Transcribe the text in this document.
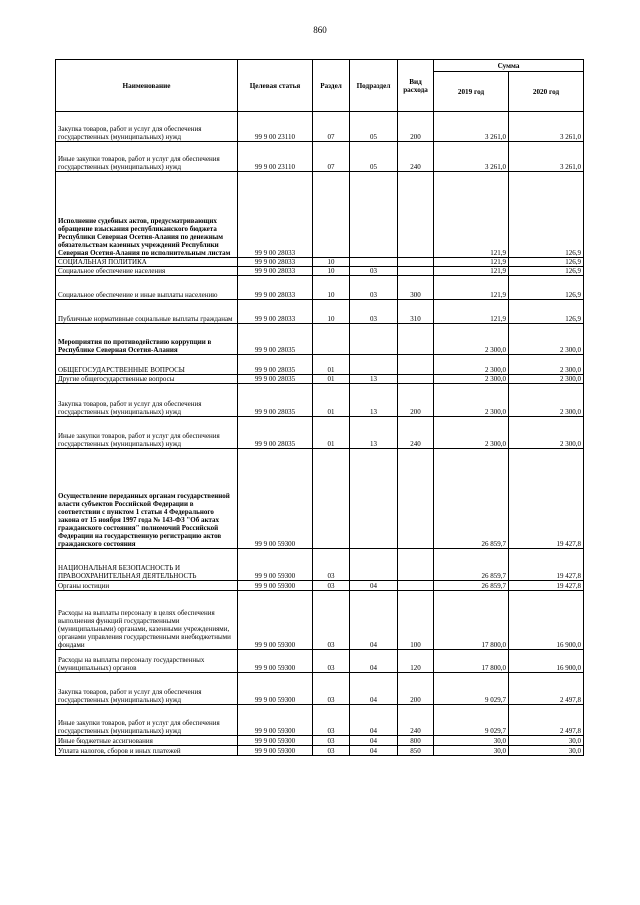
860
Наименование	Целевая статья	Раздел	Подраздел	Вид расхода	Сумма	
					2019 год	2020 год
Закупка товаров, работ и услуг для обеспечения государственных (муниципальных) нужд	99 9 00 23110	07	05	200	3 261,0	3 261,0
Иные закупки товаров, работ и услуг для обеспечения государственных (муниципальных) нужд	99 9 00 23110	07	05	240	3 261,0	3 261,0
Исполнение судебных актов, предусматривающих обращение взыскания республиканского бюджета Республики Северная Осетия-Алания по денежным обязательствам казенных учреждений Республики Северная Осетия-Алания по исполнительным листам	99 9 00 28033				121,9	126,9
СОЦИАЛЬНАЯ ПОЛИТИКА	99 9 00 28033	10			121,9	126,9
Социальное обеспечение населения	99 9 00 28033	10	03		121,9	126,9
Социальное обеспечение и иные выплаты населению	99 9 00 28033	10	03	300	121,9	126,9
Публичные нормативные социальные выплаты гражданам	99 9 00 28033	10	03	310	121,9	126,9
Мероприятия по противодействию коррупции в Республике Северная Осетия-Алания	99 9 00 28035				2 300,0	2 300,0
ОБЩЕГОСУДАРСТВЕННЫЕ ВОПРОСЫ	99 9 00 28035	01			2 300,0	2 300,0
Другие общегосударственные вопросы	99 9 00 28035	01	13		2 300,0	2 300,0
Закупка товаров, работ и услуг для обеспечения государственных (муниципальных) нужд	99 9 00 28035	01	13	200	2 300,0	2 300,0
Иные закупки товаров, работ и услуг для обеспечения государственных (муниципальных) нужд	99 9 00 28035	01	13	240	2 300,0	2 300,0
Осуществление переданных органам государственной власти субъектов Российской Федерации в соответствии с пунктом 1 статьи 4 Федерального закона от 15 ноября 1997 года № 143-ФЗ "Об актах гражданского состояния" полномочий Российской Федерации на государственную регистрацию актов гражданского состояния	99 9 00 59300				26 859,7	19 427,8
НАЦИОНАЛЬНАЯ БЕЗОПАСНОСТЬ И ПРАВООХРАНИТЕЛЬНАЯ ДЕЯТЕЛЬНОСТЬ	99 9 00 59300	03			26 859,7	19 427,8
Органы юстиции	99 9 00 59300	03	04		26 859,7	19 427,8
Расходы на выплаты персоналу в целях обеспечения выполнения функций государственными (муниципальными) органами, казенными учреждениями, органами управления государственными внебюджетными фондами	99 9 00 59300	03	04	100	17 800,0	16 900,0
Расходы на выплаты персоналу государственных (муниципальных) органов	99 9 00 59300	03	04	120	17 800,0	16 900,0
Закупка товаров, работ и услуг для обеспечения государственных (муниципальных) нужд	99 9 00 59300	03	04	200	9 029,7	2 497,8
Иные закупки товаров, работ и услуг для обеспечения государственных (муниципальных) нужд	99 9 00 59300	03	04	240	9 029,7	2 497,8
Иные бюджетные ассигнования	99 9 00 59300	03	04	800	30,0	30,0
Уплата налогов, сборов и иных платежей	99 9 00 59300	03	04	850	30,0	30,0
